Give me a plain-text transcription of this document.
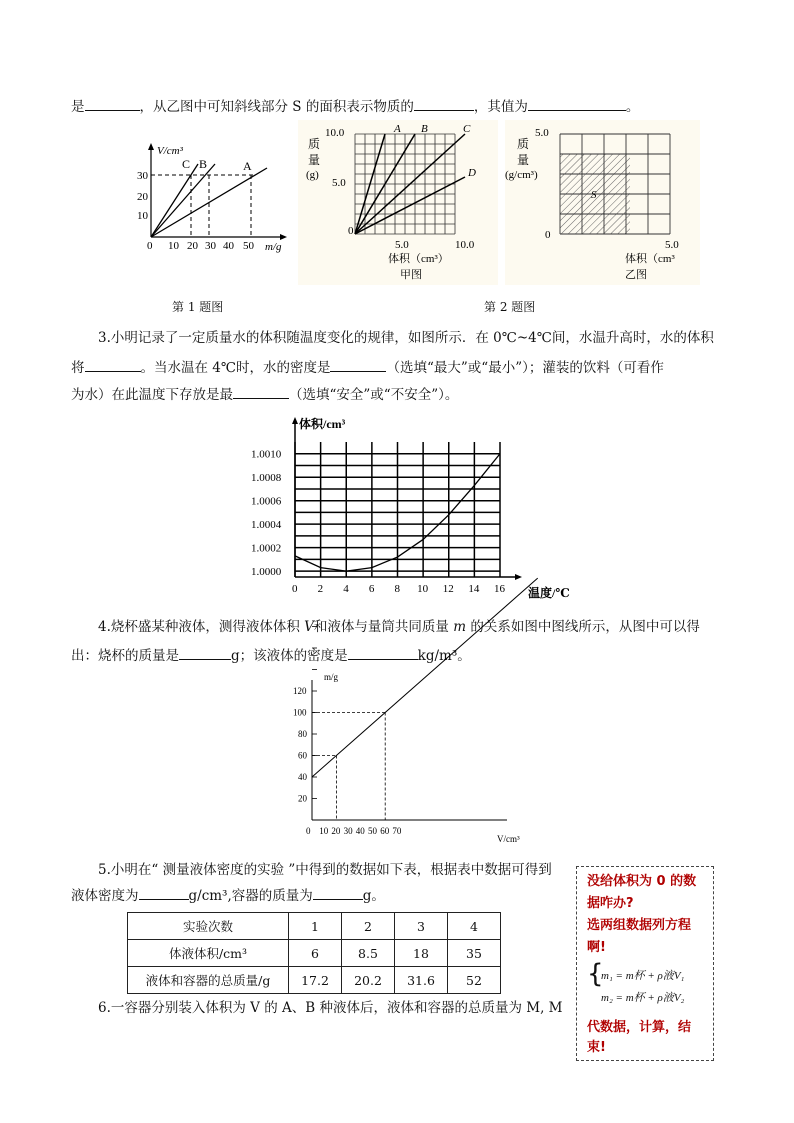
是	，从乙图中可知斜线部分 S 的面积表示物质的	，其值为	。
V/cm³
m/g
30
20
10
0 10 20 30 40 50
C B	A
第 1 题图
A B	C
D
10.0
5.0
0
质
量
(g)
5.0	10.0
体积（cm³）
甲图
S
5.0
0
质
量
(g/cm³)
5.0
体积（cm³
乙图
第 2 题图
3.小明记录了一定质量水的体积随温度变化的规律，如图所示．在 0℃~4℃间，水温升高时，水的体积
将	。当水温在 4℃时，水的密度是	（选填“最大”或“最小”）；灌装的饮料（可看作
为水）在此温度下存放是最	（选填“安全”或“不安全”）。
1.0010
1.0008
1.0006
1.0004
1.0002
1.0000
0 2 4 6 8 10 12 14 16
体积/cm³
温度/℃
4.烧杯盛某种液体，测得液体体积 V和液体与量筒共同质量 m 的关系如图中图线所示，从图中可以得
出：烧杯的质量是	g；该液体的密度是	kg/m³。
m/g
V/cm³
20
40
60
80
100
120
0 10 20 30 40 50 60 70
5.小明在“ 测量液体密度的实验 ”中得到的数据如下表，根据表中数据可得到
液体密度为	g/cm³,容器的质量为	g。
实验次数	1	2	3	4
体液体积/cm³	6	8.5	18	35
液体和容器的总质量/g	17.2	20.2	31.6	52
6.一容器分别装入体积为 V 的 A、B 种液体后，液体和容器的总质量为 M, M
没给体积为 0 的数
据咋办?
选两组数据列方程
啊!
{
m₁ = m杯 + ρ液V₁
m₂ = m杯 + ρ液V₂
代数据，计算，结
束!
